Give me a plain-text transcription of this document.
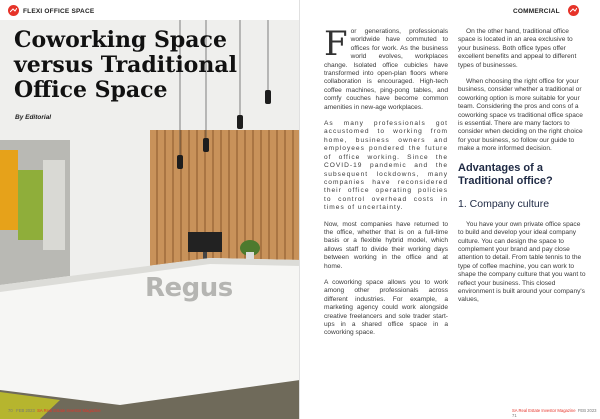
Regus
FLEXI OFFICE SPACE
Coworking Space versus Traditional Office Space
By Editorial
70 FEB 2023 SA Real Estate Investor Magazine
COMMERCIAL
SA Real Estate Investor Magazine FEB 2023   71

For generations, professionals worldwide have commuted to offices for work. As the business world evolves, workplaces change. Isolated office cubicles have transformed into open-plan floors where collaboration is encouraged. High-tech coffee machines, ping-pong tables, and comfy couches have become common amenities in new-age workplaces.

As many professionals got accustomed to working from home, business owners and employees pondered the future of office working. Since the COVID-19 pandemic and the subsequent lockdowns, many companies have reconsidered their office operating policies to control overhead costs in times of uncertainty.

Now, most companies have returned to the office, whether that is on a full-time basis or a flexible hybrid model, which allows staff to divide their working days between working in the office and at home.

A coworking space allows you to work among other professionals across different industries. For example, a marketing agency could work alongside creative freelancers and sole trader start-ups in a shared office space in a coworking space.

On the other hand, traditional office space is located in an area exclusive to your business. Both office types offer excellent benefits and appeal to different types of businesses.

When choosing the right office for your business, consider whether a traditional or coworking option is more suitable for your team. Considering the pros and cons of a coworking space vs traditional office space is essential. There are many factors to consider when deciding on the right choice for your business, so follow our guide to make a more informed decision.

Advantages of a Traditional office?
1. Company culture

You have your own private office space to build and develop your ideal company culture. You can design the space to complement your brand and pay close attention to detail. From table tennis to the type of coffee machine, you can work to shape the company culture that you want to reflect your business. This closed environment is built around your company's values,
